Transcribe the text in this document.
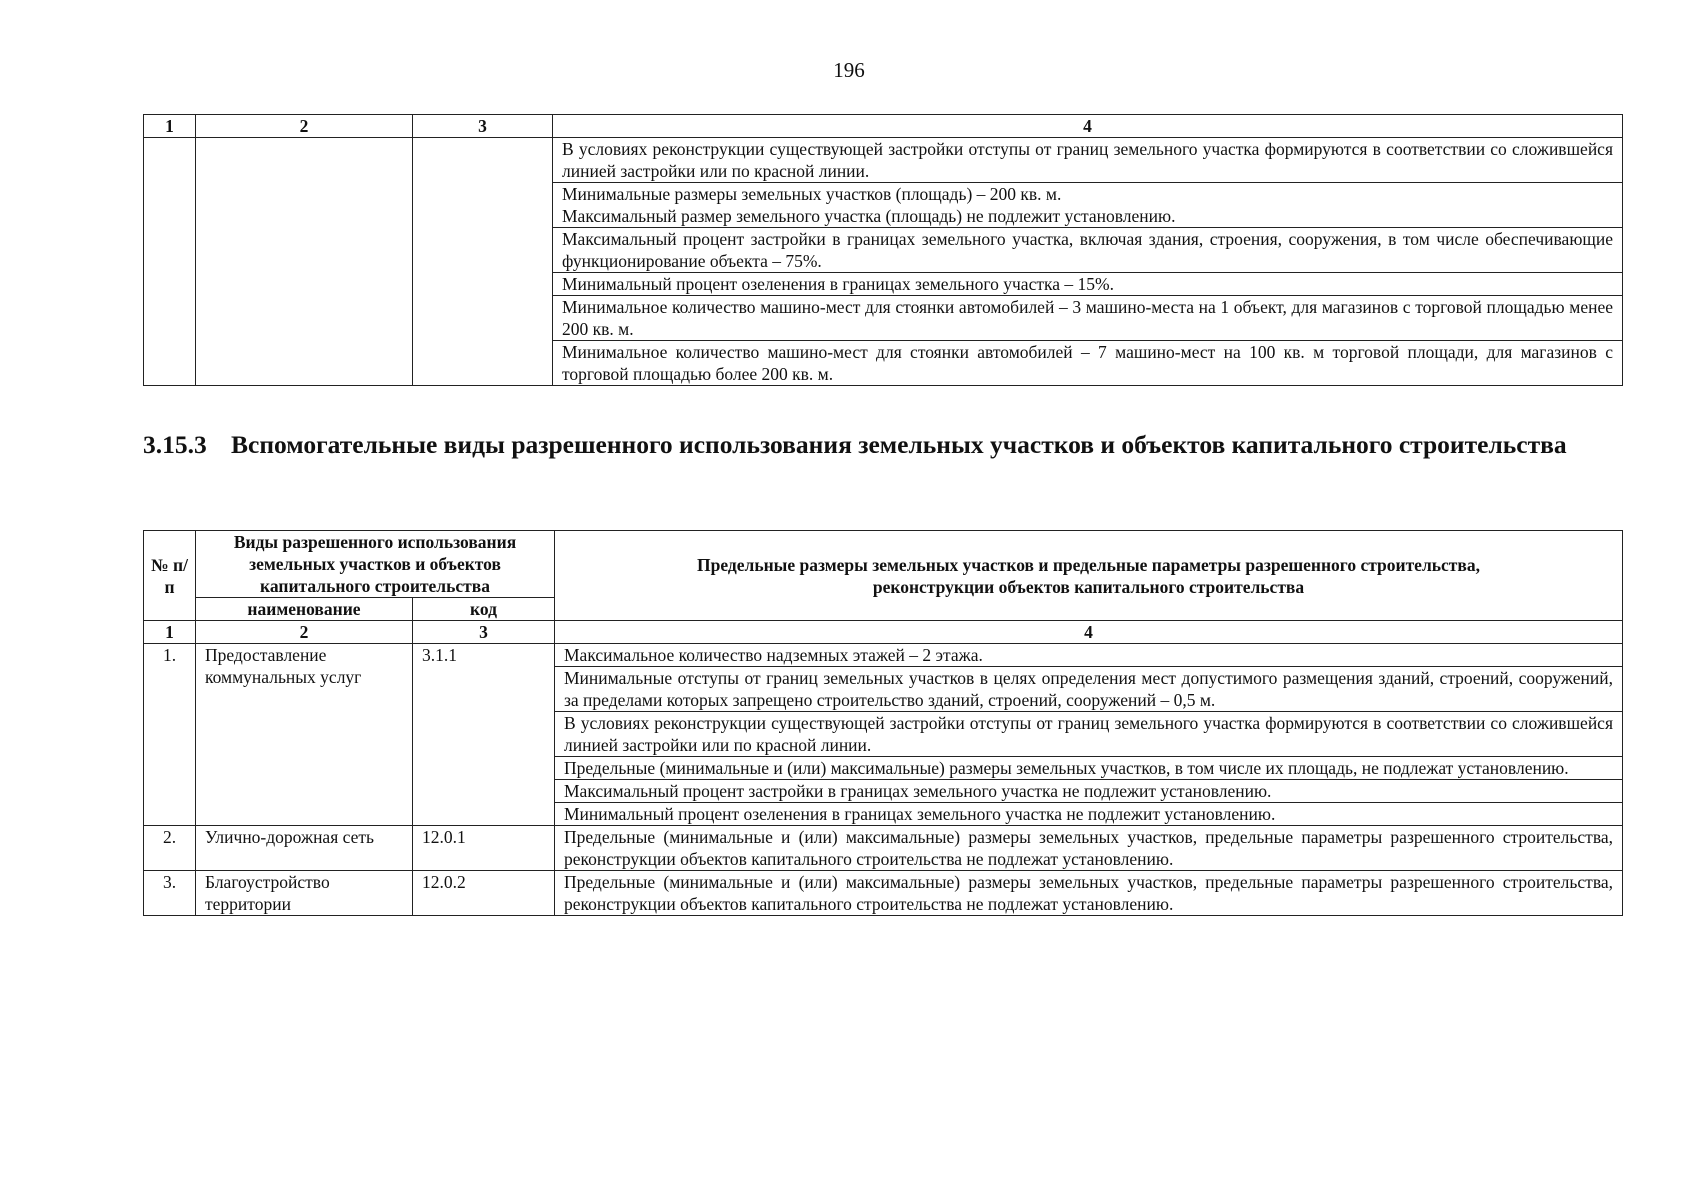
196
1	2	3	4
			В условиях реконструкции существующей застройки отступы от границ земельного участка формируются в соответствии со сложившейся линией застройки или по красной линии.

			Минимальные размеры земельных участков (площадь) – 200 кв. м.
Максимальный размер земельного участка (площадь) не подлежит установлению.

			Максимальный процент застройки в границах земельного участка, включая здания, строения, сооружения, в том числе обеспечивающие функционирование объекта – 75%.
			Минимальный процент озеленения в границах земельного участка – 15%.
			Минимальное количество машино-мест для стоянки автомобилей – 3 машино-места на 1 объект, для магазинов с торговой площадью менее 200 кв. м.
			Минимальное количество машино-мест для стоянки автомобилей – 7 машино-мест на 100 кв. м торговой площади, для магазинов с торговой площадью более 200 кв. м.
3.15.3 Вспомогательные виды разрешенного использования земельных участков и объектов капитального строительства
№ п/п	Виды разрешенного использования земельных участков и объектов капитального строительства		Предельные размеры земельных участков и предельные параметры разрешенного строительства, реконструкции объектов капитального строительства
	наименование	код	
1	2	3	4
1.	Предоставление коммунальных услуг	3.1.1	Максимальное количество надземных этажей – 2 этажа.
			Минимальные отступы от границ земельных участков в целях определения мест допустимого размещения зданий, строений, сооружений, за пределами которых запрещено строительство зданий, строений, сооружений – 0,5 м.
			В условиях реконструкции существующей застройки отступы от границ земельного участка формируются в соответствии со сложившейся линией застройки или по красной линии.
			Предельные (минимальные и (или) максимальные) размеры земельных участков, в том числе их площадь, не подлежат установлению.
			Максимальный процент застройки в границах земельного участка не подлежит установлению.
			Минимальный процент озеленения в границах земельного участка не подлежит установлению.
2.	Улично-дорожная сеть	12.0.1	Предельные (минимальные и (или) максимальные) размеры земельных участков, предельные параметры разрешенного строительства, реконструкции объектов капитального строительства не подлежат установлению.
3.	Благоустройство территории	12.0.2	Предельные (минимальные и (или) максимальные) размеры земельных участков, предельные параметры разрешенного строительства, реконструкции объектов капитального строительства не подлежат установлению.
